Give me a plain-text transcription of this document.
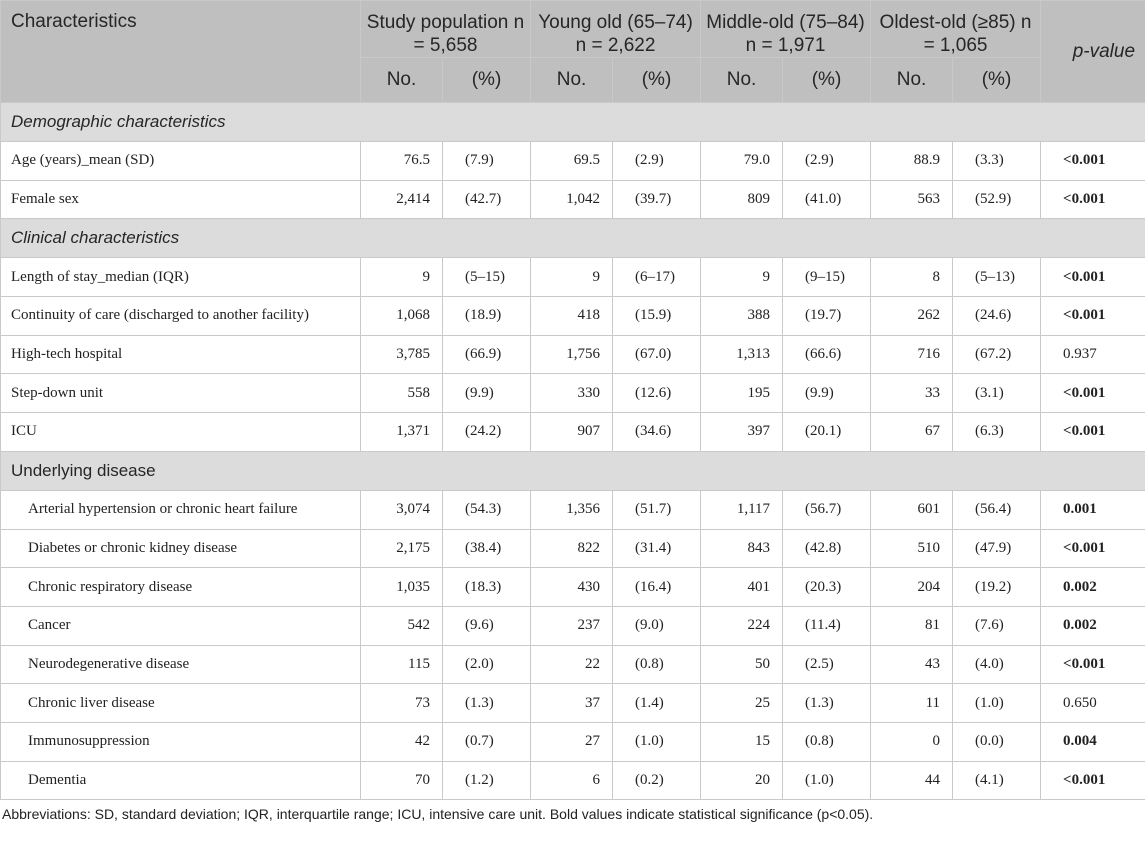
Characteristics	Study population n = 5,658		Young old (65–74) n = 2,622		Middle-old (75–84) n = 1,971		Oldest-old (≥85) n = 1,065		p-value
	No.	(%)	No.	(%)	No.	(%)	No.	(%)	
Demographic characteristics									
Age (years)_mean (SD)	76.5	(7.9)	69.5	(2.9)	79.0	(2.9)	88.9	(3.3)	<0.001
Female sex	2,414	(42.7)	1,042	(39.7)	809	(41.0)	563	(52.9)	<0.001
Clinical characteristics									
Length of stay_median (IQR)	9	(5–15)	9	(6–17)	9	(9–15)	8	(5–13)	<0.001
Continuity of care (discharged to another facility)	1,068	(18.9)	418	(15.9)	388	(19.7)	262	(24.6)	<0.001
High-tech hospital	3,785	(66.9)	1,756	(67.0)	1,313	(66.6)	716	(67.2)	0.937
Step-down unit	558	(9.9)	330	(12.6)	195	(9.9)	33	(3.1)	<0.001
ICU	1,371	(24.2)	907	(34.6)	397	(20.1)	67	(6.3)	<0.001
Underlying disease									
Arterial hypertension or chronic heart failure	3,074	(54.3)	1,356	(51.7)	1,117	(56.7)	601	(56.4)	0.001
Diabetes or chronic kidney disease	2,175	(38.4)	822	(31.4)	843	(42.8)	510	(47.9)	<0.001
Chronic respiratory disease	1,035	(18.3)	430	(16.4)	401	(20.3)	204	(19.2)	0.002
Cancer	542	(9.6)	237	(9.0)	224	(11.4)	81	(7.6)	0.002
Neurodegenerative disease	115	(2.0)	22	(0.8)	50	(2.5)	43	(4.0)	<0.001
Chronic liver disease	73	(1.3)	37	(1.4)	25	(1.3)	11	(1.0)	0.650
Immunosuppression	42	(0.7)	27	(1.0)	15	(0.8)	0	(0.0)	0.004
Dementia	70	(1.2)	6	(0.2)	20	(1.0)	44	(4.1)	<0.001
Abbreviations: SD, standard deviation; IQR, interquartile range; ICU, intensive care unit. Bold values indicate statistical significance (p<0.05).
